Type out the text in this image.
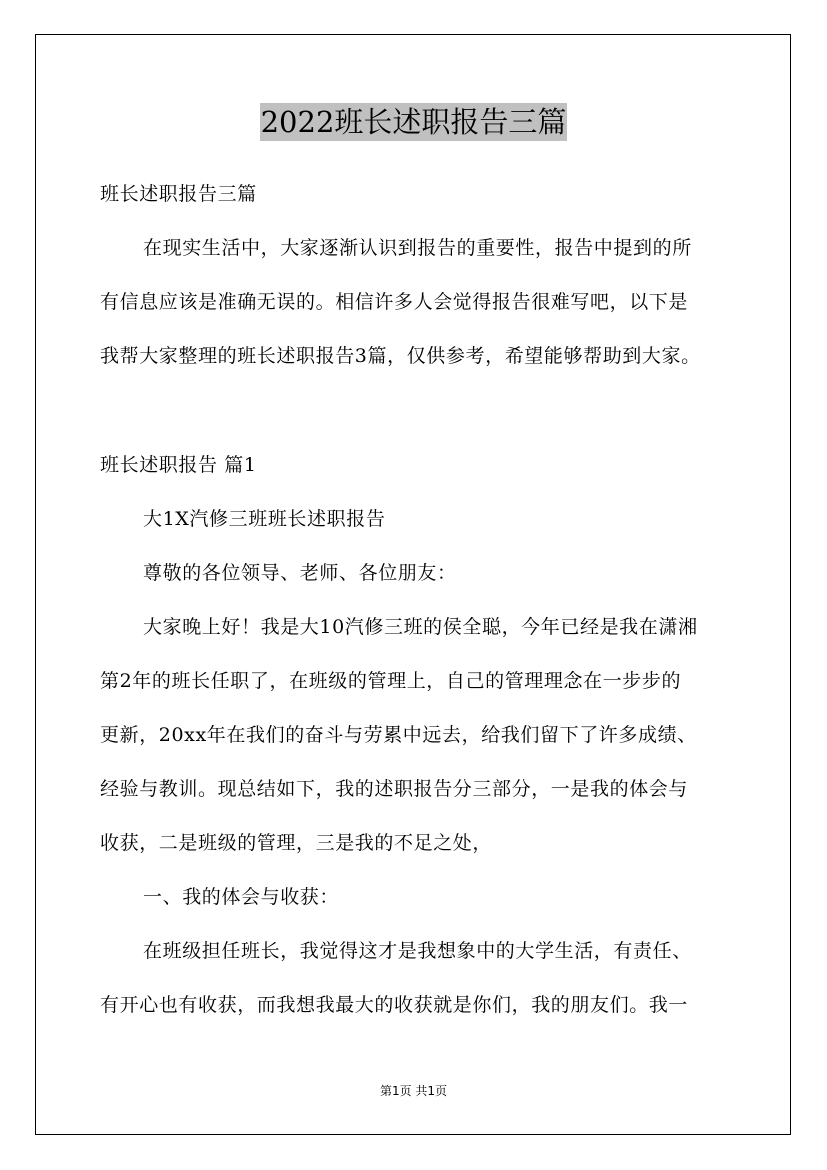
2022班长述职报告三篇
班长述职报告三篇
在现实生活中，大家逐渐认识到报告的重要性，报告中提到的所
有信息应该是准确无误的。相信许多人会觉得报告很难写吧，以下是
我帮大家整理的班长述职报告3篇，仅供参考，希望能够帮助到大家。
班长述职报告 篇1
大1X汽修三班班长述职报告
尊敬的各位领导、老师、各位朋友：
大家晚上好！我是大10汽修三班的侯全聪，今年已经是我在潇湘
第2年的班长任职了，在班级的管理上，自己的管理理念在一步步的
更新，20xx年在我们的奋斗与劳累中远去，给我们留下了许多成绩、
经验与教训。现总结如下，我的述职报告分三部分，一是我的体会与
收获，二是班级的管理，三是我的不足之处，
一、我的体会与收获：
在班级担任班长，我觉得这才是我想象中的大学生活，有责任、
有开心也有收获，而我想我最大的收获就是你们，我的朋友们。我一
第1页 共1页
